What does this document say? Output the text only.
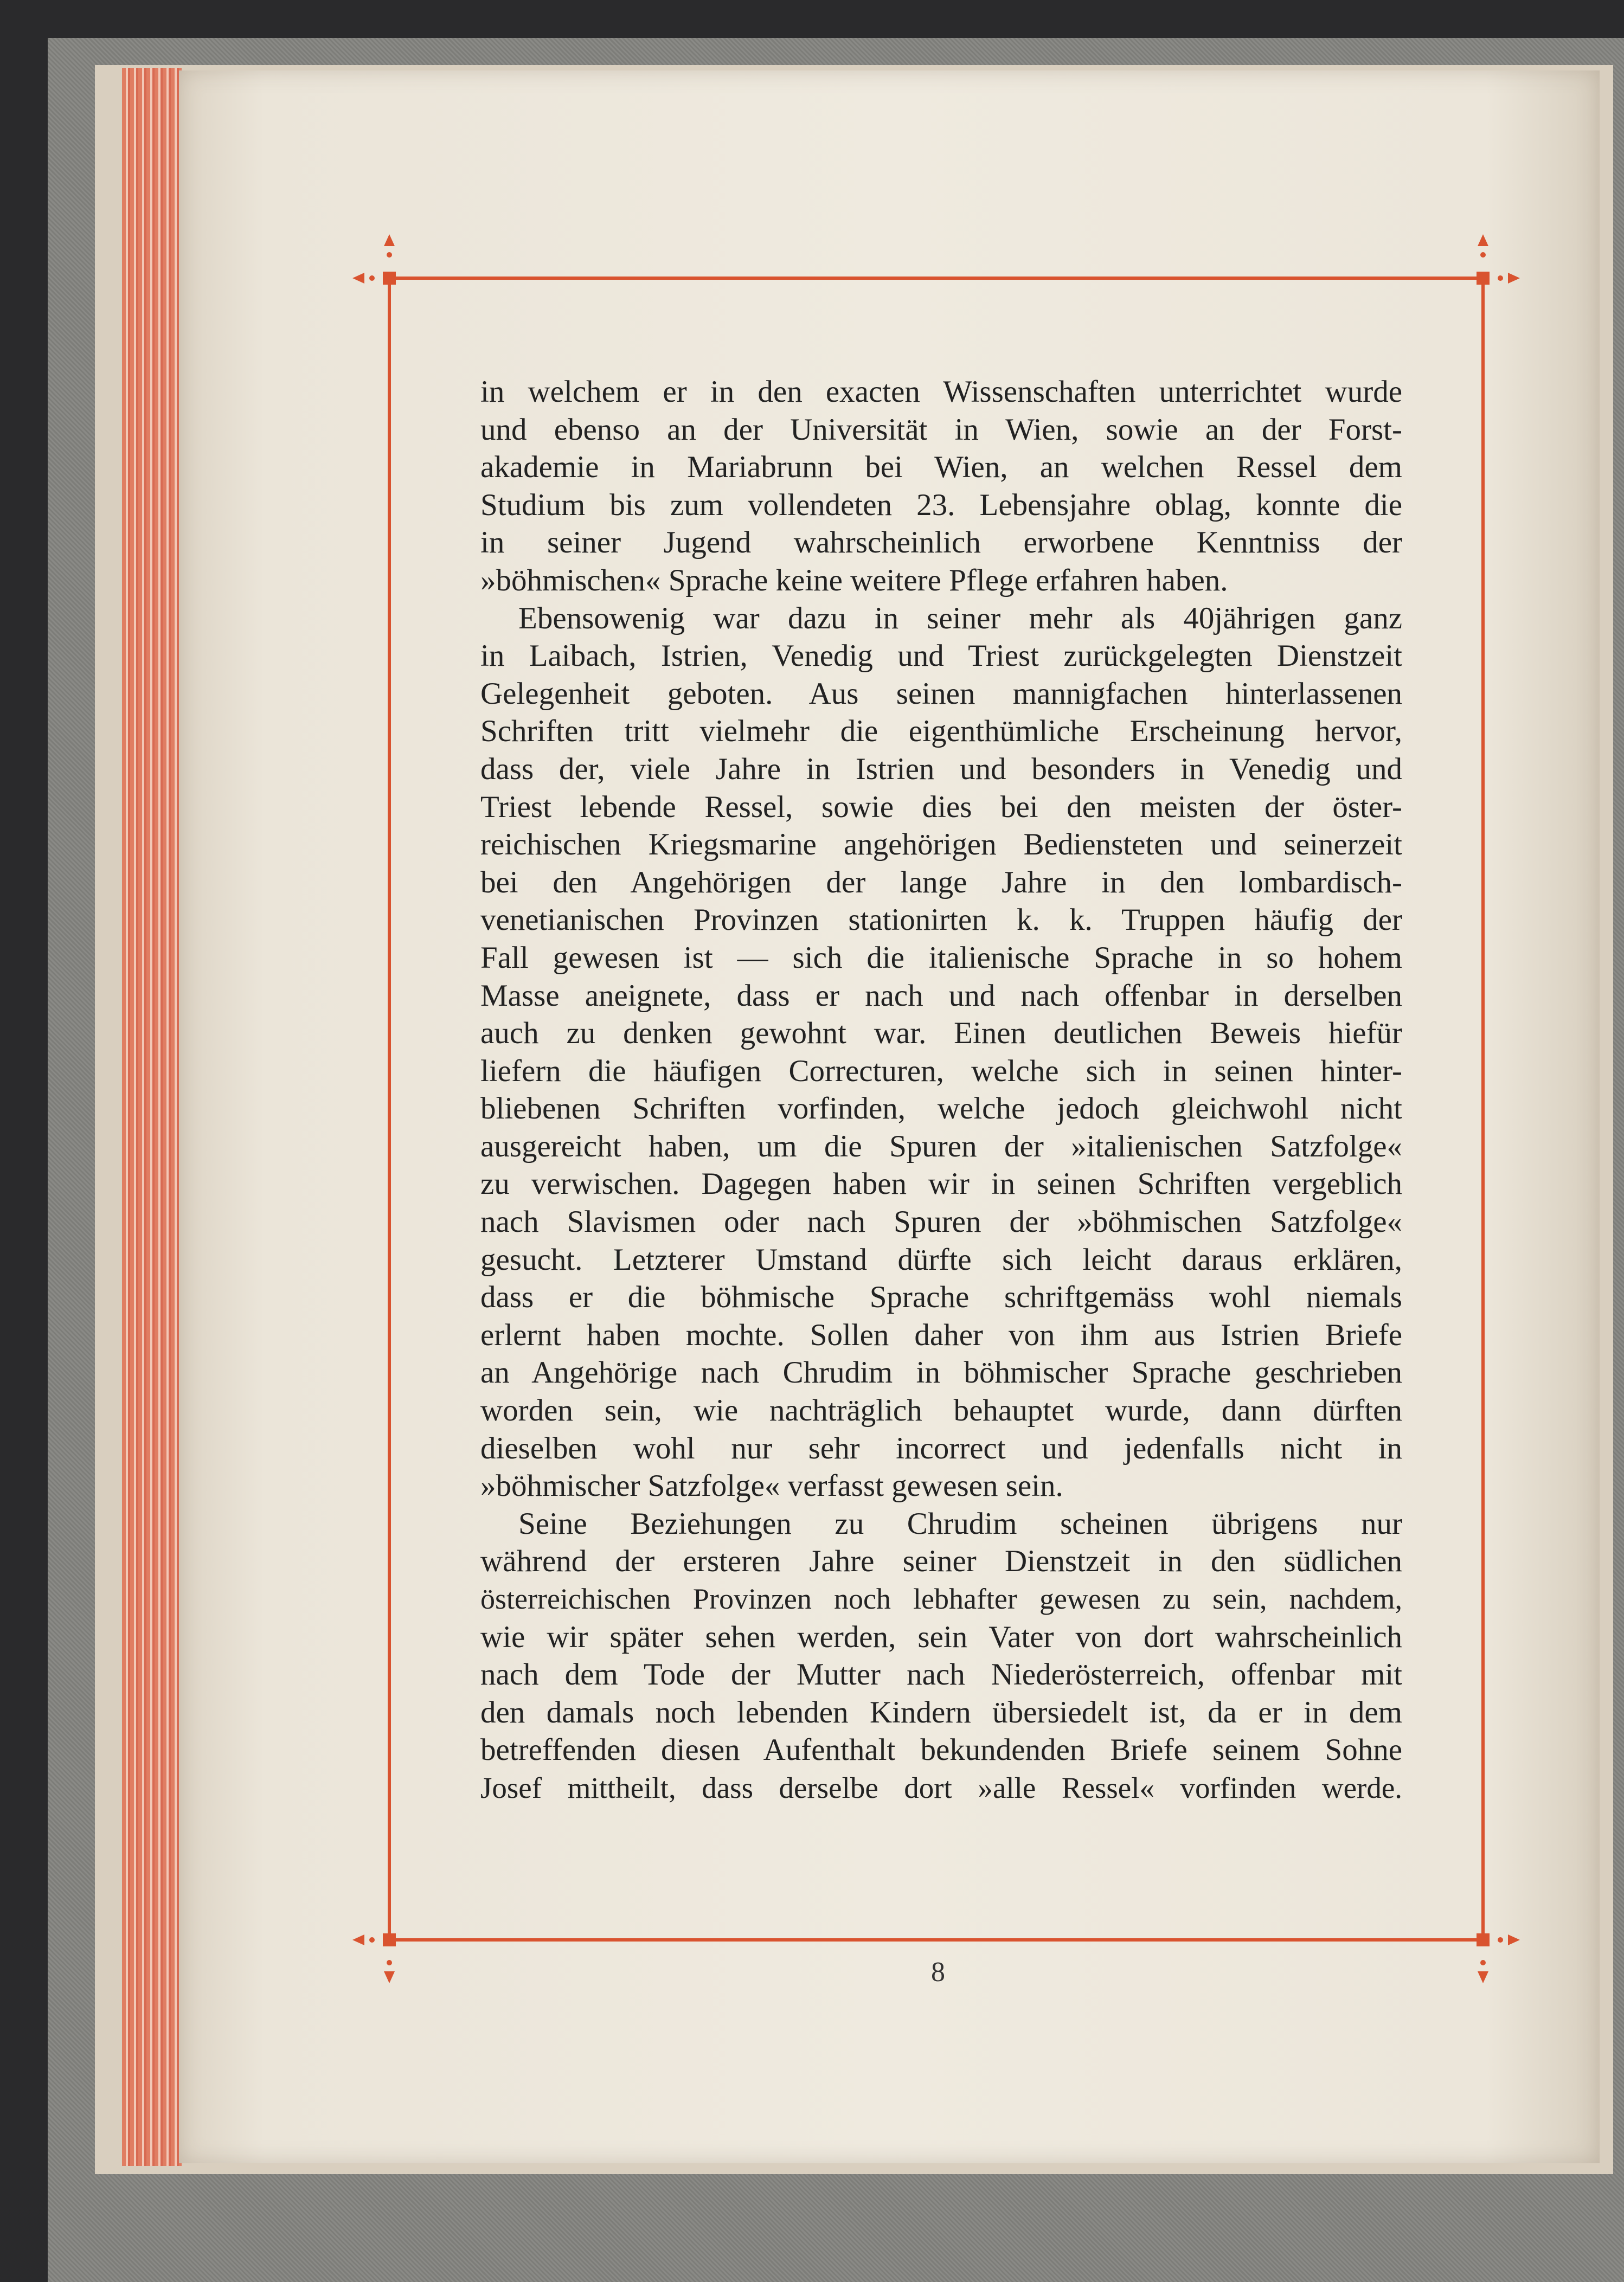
in welchem er in den exacten Wissenschaften unterrichtet wurde
und ebenso an der Universität in Wien, sowie an der Forst-
akademie in Mariabrunn bei Wien, an welchen Ressel dem
Studium bis zum vollendeten 23. Lebensjahre oblag, konnte die
in seiner Jugend wahrscheinlich erworbene Kenntniss der
»böhmischen« Sprache keine weitere Pflege erfahren haben.

Ebensowenig war dazu in seiner mehr als 40jährigen ganz
in Laibach, Istrien, Venedig und Triest zurückgelegten Dienstzeit
Gelegenheit geboten. Aus seinen mannigfachen hinterlassenen
Schriften tritt vielmehr die eigenthümliche Erscheinung hervor,
dass der, viele Jahre in Istrien und besonders in Venedig und
Triest lebende Ressel, sowie dies bei den meisten der öster-
reichischen Kriegsmarine angehörigen Bediensteten und seinerzeit
bei den Angehörigen der lange Jahre in den lombardisch-
venetianischen Provinzen stationirten k. k. Truppen häufig der
Fall gewesen ist — sich die italienische Sprache in so hohem
Masse aneignete, dass er nach und nach offenbar in derselben
auch zu denken gewohnt war. Einen deutlichen Beweis hiefür
liefern die häufigen Correcturen, welche sich in seinen hinter-
bliebenen Schriften vorfinden, welche jedoch gleichwohl nicht
ausgereicht haben, um die Spuren der »italienischen Satzfolge«
zu verwischen. Dagegen haben wir in seinen Schriften vergeblich
nach Slavismen oder nach Spuren der »böhmischen Satzfolge«
gesucht. Letzterer Umstand dürfte sich leicht daraus erklären,
dass er die böhmische Sprache schriftgemäss wohl niemals
erlernt haben mochte. Sollen daher von ihm aus Istrien Briefe
an Angehörige nach Chrudim in böhmischer Sprache geschrieben
worden sein, wie nachträglich behauptet wurde, dann dürften
dieselben wohl nur sehr incorrect und jedenfalls nicht in
»böhmischer Satzfolge« verfasst gewesen sein.

Seine Beziehungen zu Chrudim scheinen übrigens nur
während der ersteren Jahre seiner Dienstzeit in den südlichen
österreichischen Provinzen noch lebhafter gewesen zu sein, nachdem,
wie wir später sehen werden, sein Vater von dort wahrscheinlich
nach dem Tode der Mutter nach Niederösterreich, offenbar mit
den damals noch lebenden Kindern übersiedelt ist, da er in dem
betreffenden diesen Aufenthalt bekundenden Briefe seinem Sohne
Josef mittheilt, dass derselbe dort »alle Ressel« vorfinden werde.

8
